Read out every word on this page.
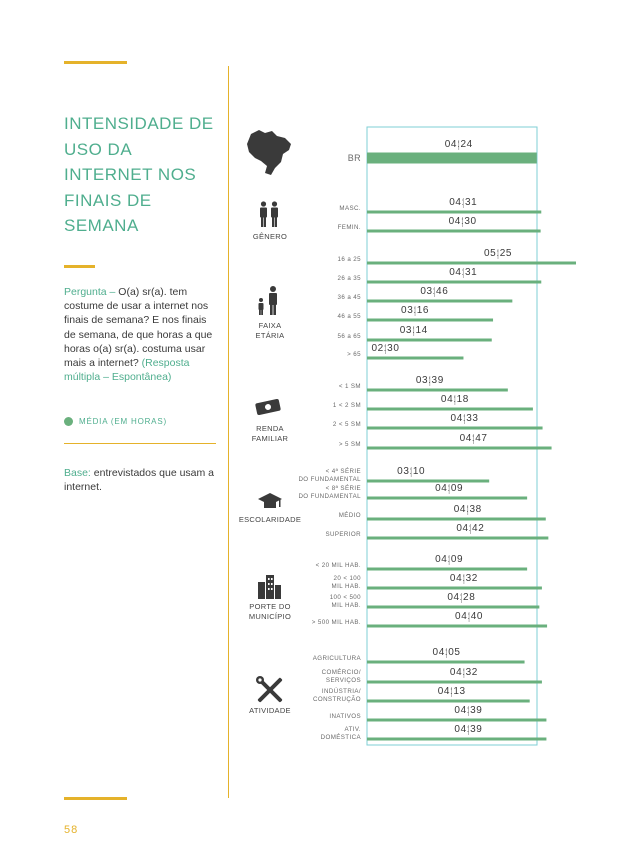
INTENSIDADE DE USO DA INTERNET NOS FINAIS DE SEMANA
Pergunta – O(a) sr(a). tem costume de usar a internet nos finais de semana? E nos finais de semana, de que horas a que horas o(a) sr(a). costuma usar mais a internet? (Resposta múltipla – Espontânea)
MÉDIA (EM HORAS)
Base: entrevistados que usam a internet.
58
GÊNERO
FAIXA ETÁRIA
RENDA FAMILIAR
ESCOLARIDADE
PORTE DO MUNICÍPIO
ATIVIDADE
04:24
BR
04:31
MASC.
04:30
FEMIN.
05:25
16 a 25
04:31
26 a 35
03:46
36 a 45
03:16
46 a 55
03:14
56 a 65
02:30
> 65
03:39
< 1 SM
04:18
1 < 2 SM
04:33
2 < 5 SM
04:47
> 5 SM
03:10
< 4ª SÉRIE
DO FUNDAMENTAL
04:09
< 8ª SÉRIE
DO FUNDAMENTAL
04:38
MÉDIO
04:42
SUPERIOR
04:09
< 20 MIL HAB.
04:32
20 < 100
MIL HAB.
04:28
100 < 500
MIL HAB.
04:40
> 500 MIL HAB.
04:05
AGRICULTURA
04:32
COMÉRCIO/
SERVIÇOS
04:13
INDÚSTRIA/
CONSTRUÇÃO
04:39
INATIVOS
04:39
ATIV.
DOMÉSTICA
